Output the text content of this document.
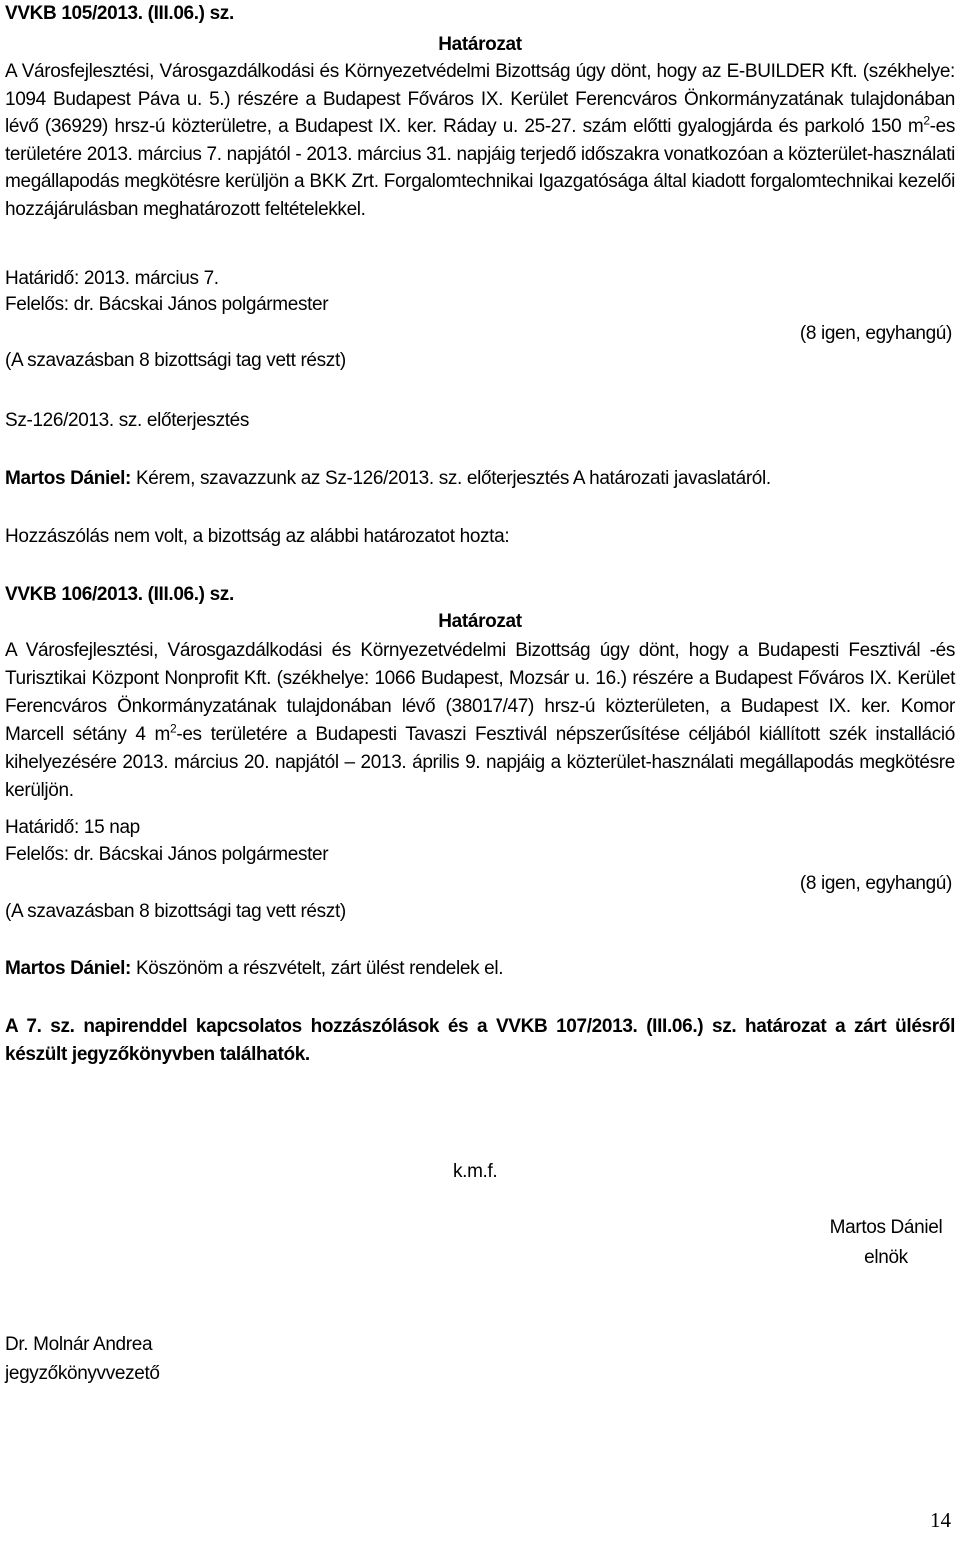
VVKB 105/2013. (III.06.) sz.
Határozat
A Városfejlesztési, Városgazdálkodási és Környezetvédelmi Bizottság úgy dönt, hogy az E-BUILDER Kft. (székhelye: 1094 Budapest Páva u. 5.) részére a Budapest Főváros IX. Kerület Ferencváros Önkormányzatának tulajdonában lévő (36929) hrsz-ú közterületre, a Budapest IX. ker. Ráday u. 25-27. szám előtti gyalogjárda és parkoló 150 $m^2-es$ területére 2013. március 7. napjától - 2013. március 31. napjáig terjedő időszakra vonatkozóan a közterület-használati megállapodás megkötésre kerüljön a BKK Zrt. Forgalomtechnikai Igazgatósága által kiadott forgalomtechnikai kezelői hozzájárulásban meghatározott feltételekkel.
Határidő: 2013. március 7.
Felelős: dr. Bácskai János polgármester
(8 igen, egyhangú)
(A szavazásban 8 bizottsági tag vett részt)
Sz-126/2013. sz. előterjesztés
Martos Dániel: Kérem, szavazzunk az Sz-126/2013. sz. előterjesztés A határozati javaslatáról.
Hozzászólás nem volt, a bizottság az alábbi határozatot hozta:
VVKB 106/2013. (III.06.) sz.
Határozat
A Városfejlesztési, Városgazdálkodási és Környezetvédelmi Bizottság úgy dönt, hogy a Budapesti Fesztivál -és Turisztikai Központ Nonprofit Kft. (székhelye: 1066 Budapest, Mozsár u. 16.) részére a Budapest Főváros IX. Kerület Ferencváros Önkormányzatának tulajdonában lévő (38017/47) hrsz-ú közterületen, a Budapest IX. ker. Komor Marcell sétány 4 $m^2-es$ területére a Budapesti Tavaszi Fesztivál népszerűsítése céljából kiállított szék installáció kihelyezésére 2013. március 20. napjától – 2013. április 9. napjáig a közterület-használati megállapodás megkötésre kerüljön.
Határidő: 15 nap
Felelős: dr. Bácskai János polgármester
(8 igen, egyhangú)
(A szavazásban 8 bizottsági tag vett részt)
Martos Dániel: Köszönöm a részvételt, zárt ülést rendelek el.
A 7. sz. napirenddel kapcsolatos hozzászólások és a VVKB 107/2013. (III.06.) sz. határozat a zárt ülésről készült jegyzőkönyvben találhatók.
k.m.f.
Martos Dániel
elnök
Dr. Molnár Andrea
jegyzőkönyvvezető
14
